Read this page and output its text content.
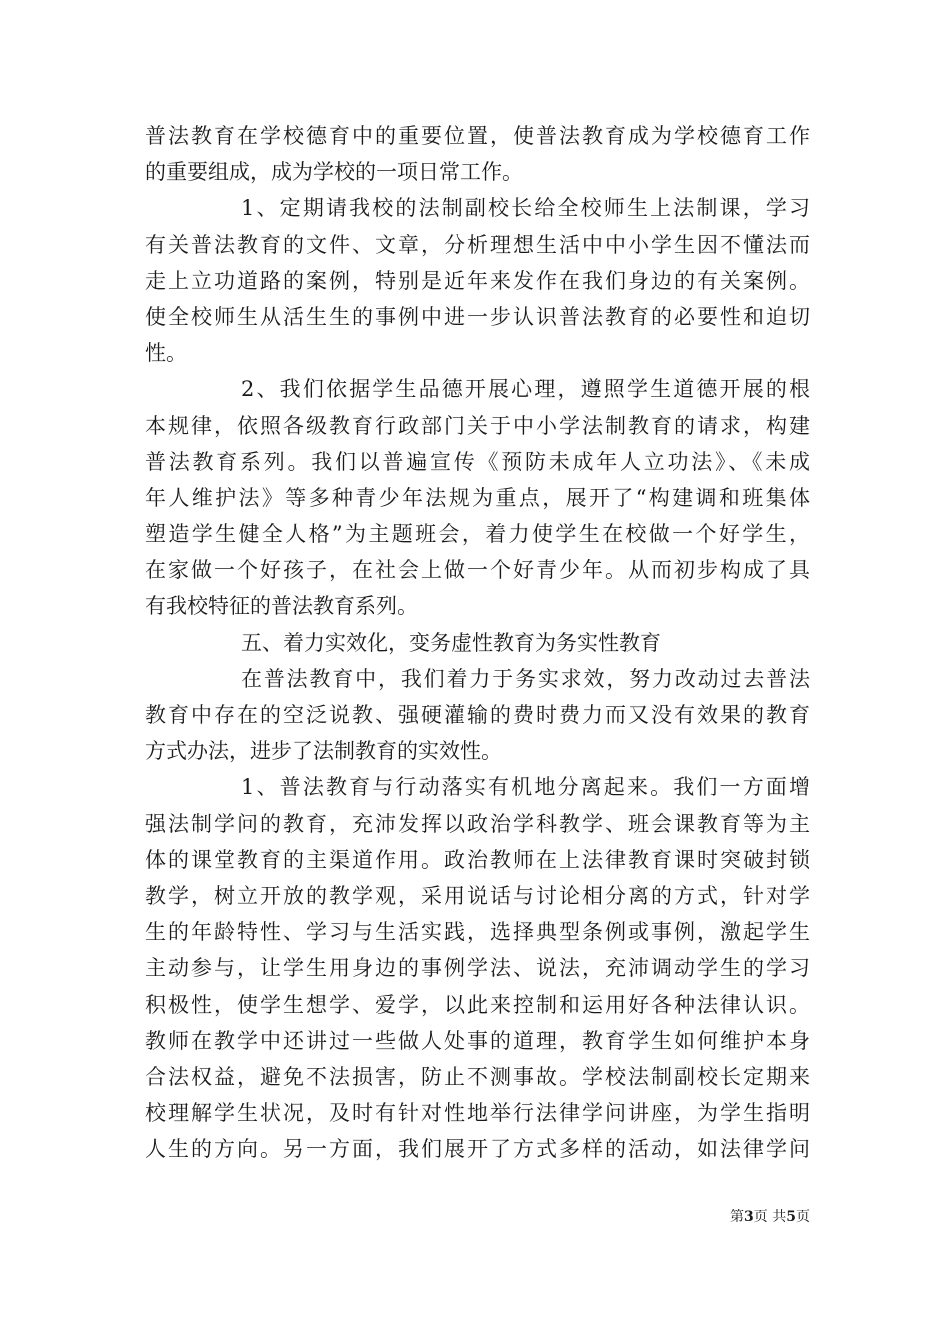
普法教育在学校德育中的重要位置，使普法教育成为学校德育工作
的重要组成，成为学校的一项日常工作。
1、定期请我校的法制副校长给全校师生上法制课，学习
有关普法教育的文件、文章，分析理想生活中中小学生因不懂法而
走上立功道路的案例，特别是近年来发作在我们身边的有关案例。
使全校师生从活生生的事例中进一步认识普法教育的必要性和迫切
性。
2、我们依据学生品德开展心理，遵照学生道德开展的根
本规律，依照各级教育行政部门关于中小学法制教育的请求，构建
普法教育系列。我们以普遍宣传《预防未成年人立功法》、《未成
年人维护法》等多种青少年法规为重点，展开了“构建调和班集体
塑造学生健全人格”为主题班会，着力使学生在校做一个好学生，
在家做一个好孩子，在社会上做一个好青少年。从而初步构成了具
有我校特征的普法教育系列。
五、着力实效化，变务虚性教育为务实性教育
在普法教育中，我们着力于务实求效，努力改动过去普法
教育中存在的空泛说教、强硬灌输的费时费力而又没有效果的教育
方式办法，进步了法制教育的实效性。
1、普法教育与行动落实有机地分离起来。我们一方面增
强法制学问的教育，充沛发挥以政治学科教学、班会课教育等为主
体的课堂教育的主渠道作用。政治教师在上法律教育课时突破封锁
教学，树立开放的教学观，采用说话与讨论相分离的方式，针对学
生的年龄特性、学习与生活实践，选择典型条例或事例，激起学生
主动参与，让学生用身边的事例学法、说法，充沛调动学生的学习
积极性，使学生想学、爱学，以此来控制和运用好各种法律认识。
教师在教学中还讲过一些做人处事的道理，教育学生如何维护本身
合法权益，避免不法损害，防止不测事故。学校法制副校长定期来
校理解学生状况，及时有针对性地举行法律学问讲座，为学生指明
人生的方向。另一方面，我们展开了方式多样的活动，如法律学问
第3页 共5页
